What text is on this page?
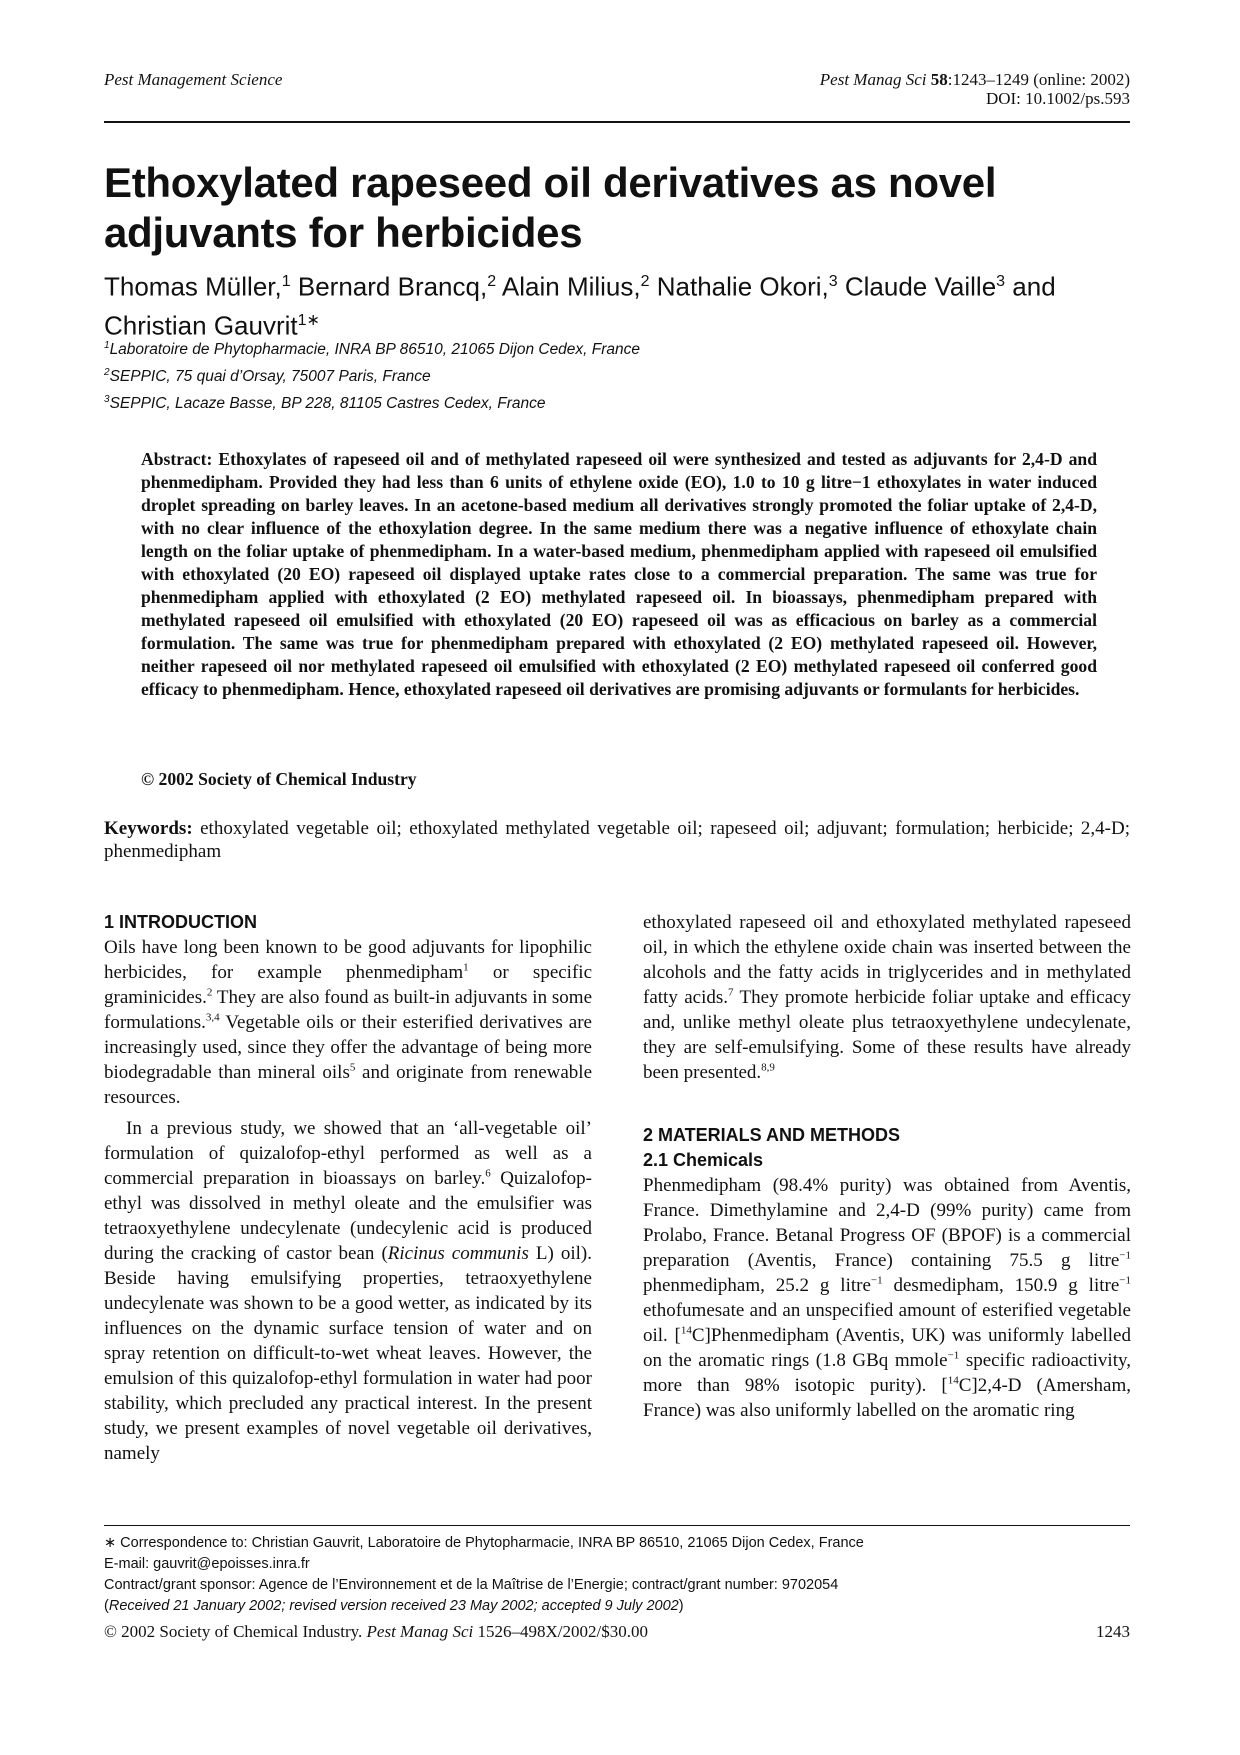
Pest Management Science	Pest Manag Sci 58:1243–1249 (online: 2002)
DOI: 10.1002/ps.593
Ethoxylated rapeseed oil derivatives as novel adjuvants for herbicides
Thomas Müller,$^1$ Bernard Brancq,$^2$ Alain Milius,$^2$ Nathalie Okori,$^3$ Claude Vaille$^3$ and Christian Gauvrit$^{1∗}$
$^1$Laboratoire de Phytopharmacie, INRA BP 86510, 21065 Dijon Cedex, France
$^2$SEPPIC, 75 quai d’Orsay, 75007 Paris, France
$^3$SEPPIC, Lacaze Basse, BP 228, 81105 Castres Cedex, France
Abstract: Ethoxylates of rapeseed oil and of methylated rapeseed oil were synthesized and tested as adjuvants for 2,4-D and phenmedipham. Provided they had less than 6 units of ethylene oxide (EO), 1.0 to 10 g litre−1 ethoxylates in water induced droplet spreading on barley leaves. In an acetone-based medium all derivatives strongly promoted the foliar uptake of 2,4-D, with no clear influence of the ethoxylation degree. In the same medium there was a negative influence of ethoxylate chain length on the foliar uptake of phenmedipham. In a water-based medium, phenmedipham applied with rapeseed oil emulsified with ethoxylated (20 EO) rapeseed oil displayed uptake rates close to a commercial preparation. The same was true for phenmedipham applied with ethoxylated (2 EO) methylated rapeseed oil. In bioassays, phenmedipham prepared with methylated rapeseed oil emulsified with ethoxylated (20 EO) rapeseed oil was as efficacious on barley as a commercial formulation. The same was true for phenmedipham prepared with ethoxylated (2 EO) methylated rapeseed oil. However, neither rapeseed oil nor methylated rapeseed oil emulsified with ethoxylated (2 EO) methylated rapeseed oil conferred good efficacy to phenmedipham. Hence, ethoxylated rapeseed oil derivatives are promising adjuvants or formulants for herbicides.
© 2002 Society of Chemical Industry
Keywords: ethoxylated vegetable oil; ethoxylated methylated vegetable oil; rapeseed oil; adjuvant; formulation; herbicide; 2,4-D; phenmedipham
1 INTRODUCTION

Oils have long been known to be good adjuvants for lipophilic herbicides, for example phenmedipham$^1$ or specific graminicides.$^2$ They are also found as built-in adjuvants in some formulations.$^{3,4}$ Vegetable oils or their esterified derivatives are increasingly used, since they offer the advantage of being more biodegradable than mineral oils$^5$ and originate from renewable resources.

In a previous study, we showed that an ‘all-vegetable oil’ formulation of quizalofop-ethyl performed as well as a commercial preparation in bioassays on barley.$^6$ Quizalofop-ethyl was dissolved in methyl oleate and the emulsifier was tetraoxyethylene undecylenate (undecylenic acid is produced during the cracking of castor bean (Ricinus communis L) oil). Beside having emulsifying properties, tetraoxyethylene undecylenate was shown to be a good wetter, as indicated by its influences on the dynamic surface tension of water and on spray retention on difficult-to-wet wheat leaves. However, the emulsion of this quizalofop-ethyl formulation in water had poor stability, which precluded any practical interest. In the present study, we present examples of novel vegetable oil derivatives, namely

ethoxylated rapeseed oil and ethoxylated methylated rapeseed oil, in which the ethylene oxide chain was inserted between the alcohols and the fatty acids in triglycerides and in methylated fatty acids.$^7$ They promote herbicide foliar uptake and efficacy and, unlike methyl oleate plus tetraoxyethylene undecylenate, they are self-emulsifying. Some of these results have already been presented.$^{8,9}$

2 MATERIALS AND METHODS
2.1 Chemicals

Phenmedipham (98.4% purity) was obtained from Aventis, France. Dimethylamine and 2,4-D (99% purity) came from Prolabo, France. Betanal Progress OF (BPOF) is a commercial preparation (Aventis, France) containing 75.5 g litre$^{-1}$ phenmedipham, 25.2 g litre$^{-1}$ desmedipham, 150.9 g litre$^{-1}$ ethofumesate and an unspecified amount of esterified vegetable oil. [$^{14}$C]Phenmedipham (Aventis, UK) was uniformly labelled on the aromatic rings (1.8 GBq mmole$^{-1}$ specific radioactivity, more than 98% isotopic purity). [$^{14}$C]2,4-D (Amersham, France) was also uniformly labelled on the aromatic ring

∗ Correspondence to: Christian Gauvrit, Laboratoire de Phytopharmacie, INRA BP 86510, 21065 Dijon Cedex, France
E-mail: gauvrit@epoisses.inra.fr
Contract/grant sponsor: Agence de l’Environnement et de la Maîtrise de l’Energie; contract/grant number: 9702054
(Received 21 January 2002; revised version received 23 May 2002; accepted 9 July 2002)
© 2002 Society of Chemical Industry. Pest Manag Sci 1526–498X/2002/$30.00	1243
